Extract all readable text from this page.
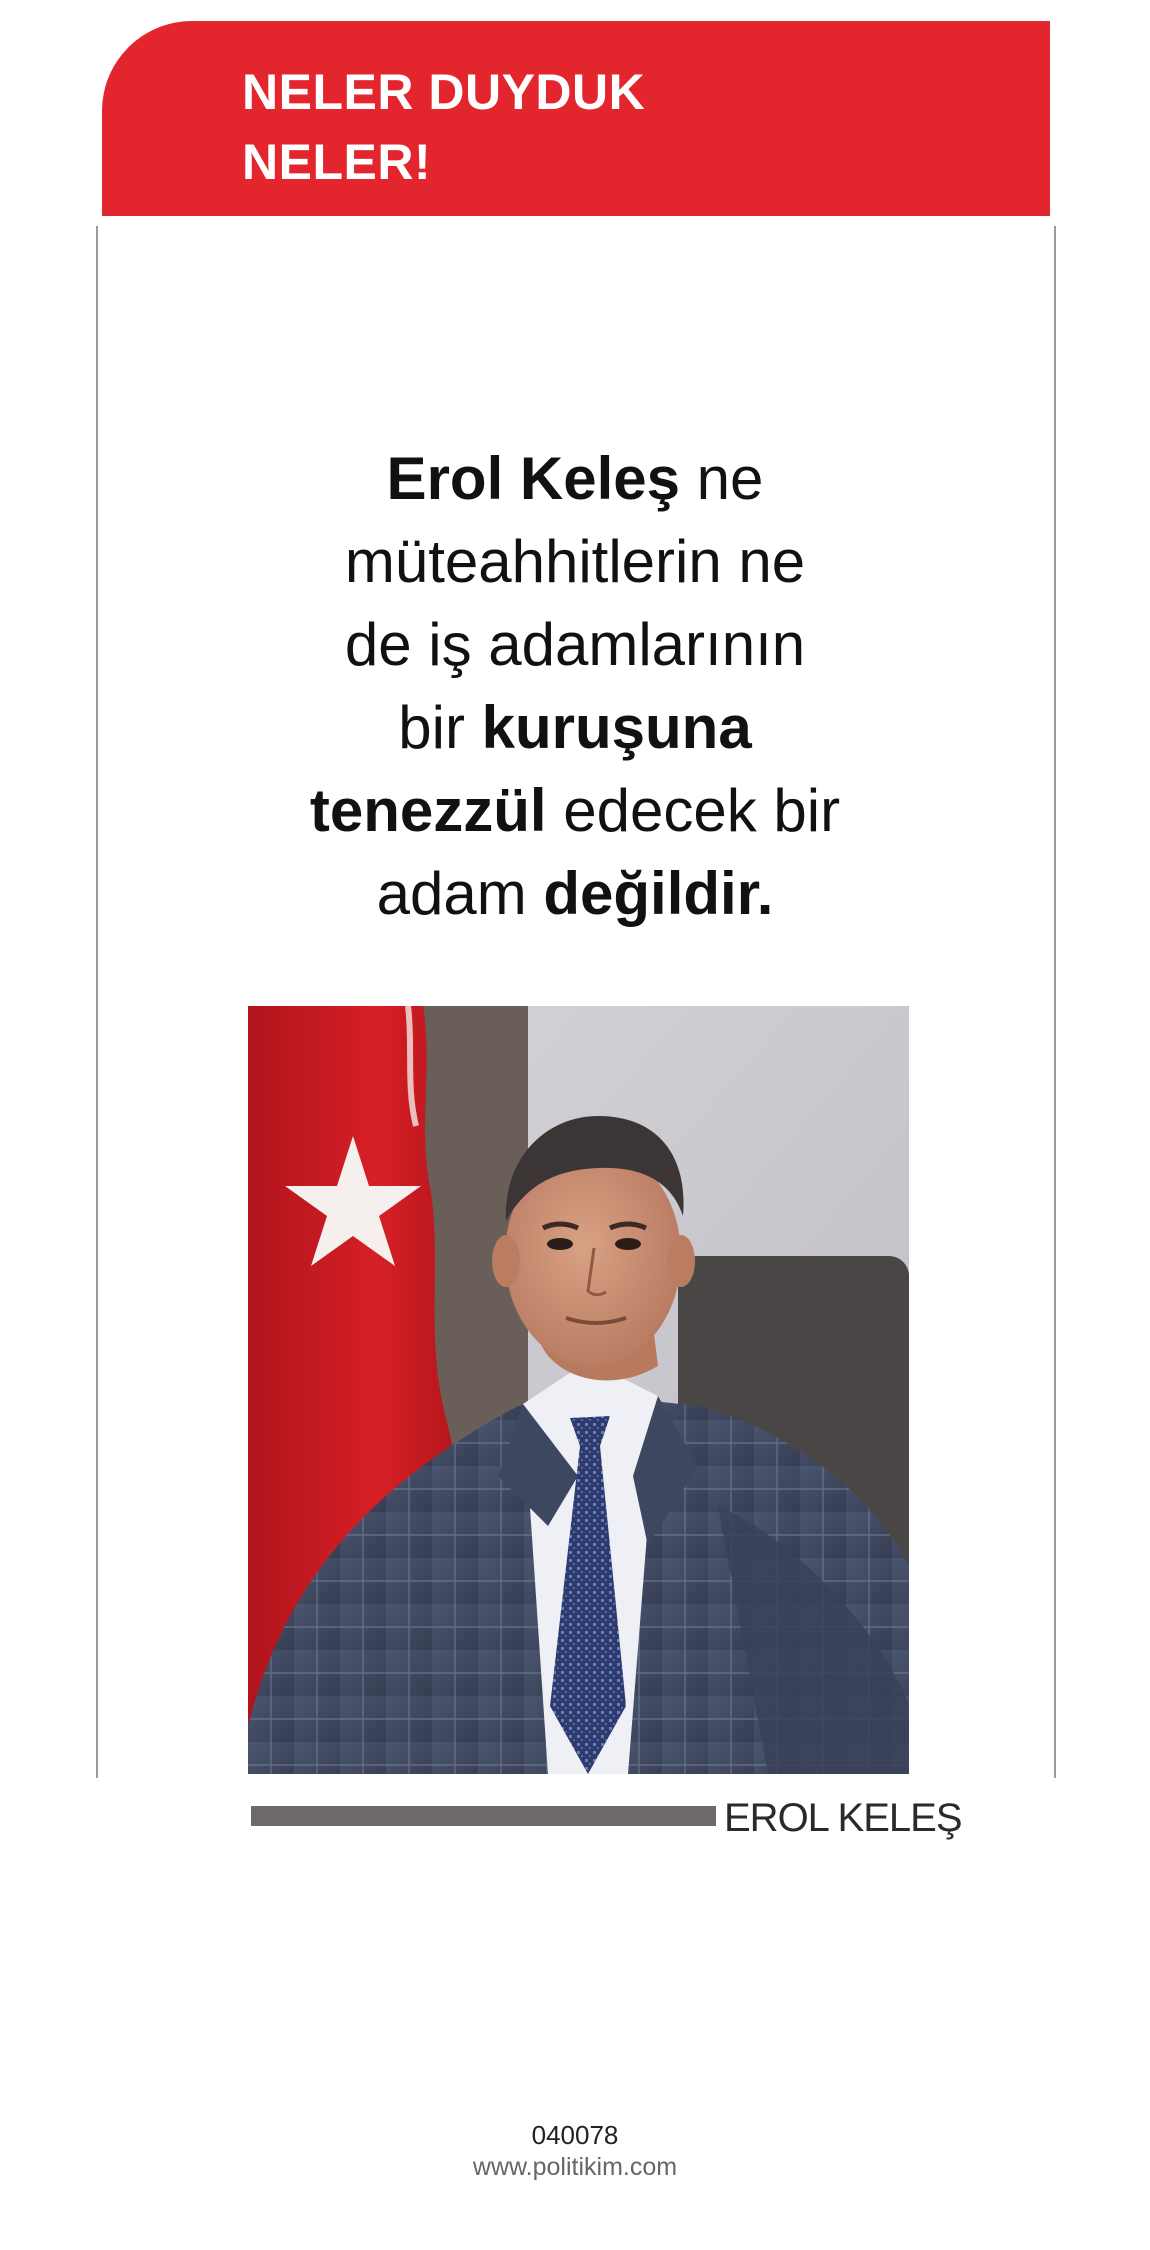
NELER DUYDUK
NELER!

Erol Keleş ne
müteahhitlerin ne
de iş adamlarının
bir kuruşuna
tenezzül edecek bir
adam değildir.

EROL KELEŞ
040078
www.politikim.com
